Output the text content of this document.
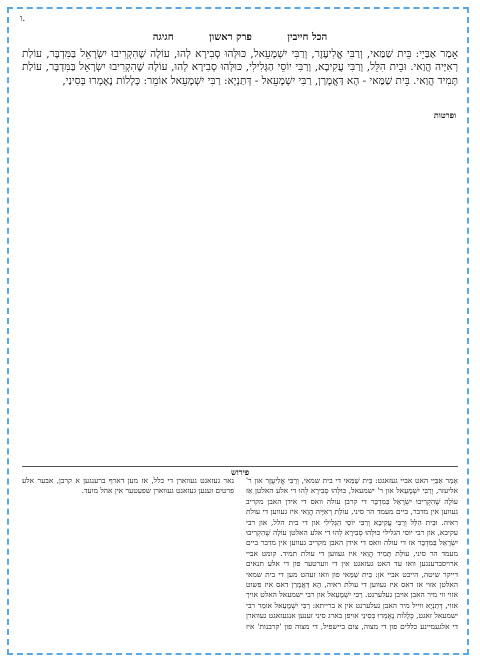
ו.
הכל חייבין פרק ראשון חגיגה

אָמַר אַבַּיֵי: בֵּית שַׁמַּאי, וְרַבִּי אֱלִיעֶזֶר, וְרַבִּי יִשְׁמָעֵאל, כּוּלְּהוּ סְבִירָא לְהוּ, עוֹלָה שֶׁהִקְרִיבוּ יִשְׂרָאֵל בַּמִּדְבָּר, עוֹלַת רְאִיָּיה הֲוַאי. וּבֵית הִלֵּל, וְרַבִּי עֲקִיבָא, וְרַבִּי יוֹסֵי הַגְּלִילִי, כּוּלְּהוּ סְבִירָא לְהוּ, עוֹלָה שֶׁהִקְרִיבוּ יִשְׂרָאֵל בַּמִּדְבָּר, עוֹלַת תָּמִיד הֲוַאי. בֵּית שַׁמַּאי - הָא דַּאֲמָרַן, רַבִּי יִשְׁמָעֵאל - דְּתַנְיָא: רַבִּי יִשְׁמָעֵאל אוֹמֵר: כְּלָלוֹת נֶאֶמְרוּ בְּסִינַי,

ופרטות
פירוש

אָמַר אַבַּיֵי האט אביי געזאגט: בֵּית שַׁמַּאי די בית שמאי, וְרַבִּי אֱלִיעֶזֶר און ר' אליעזר, וְרַבִּי יִשְׁמָעֵאל און ר' ישמעאל, כּוּלְּהוּ סְבִירָא לְהוּ די אלע האלטן אַז עוֹלָה שֶׁהִקְרִיבוּ יִשְׂרָאֵל בַּמִּדְבָּר די קרבן עולה וואס די אידן האבן מקריב געווען אין מדבר, ביים מעמד הר סיני, עוֹלַת רְאִיָּיה הֲוַאי איז געווען די עולת ראיה. וּבֵית הִלֵּל וְרַבִּי עֲקִיבָא וְרַבִּי יוֹסֵי הַגְּלִילִי און די בית הלל, און רבי עקיבא, און רבי יוסי הגלילי כּוּלְּהוּ סְבִירָא לְהוּ די אלע האלטן עוֹלָה שֶׁהִקְרִיבוּ יִשְׂרָאֵל בַּמִּדְבָּר אז די עולה וואס די אידן האבן מקריב געווען אין מדבר ביים מעמד הר סיני, עוֹלַת תָּמִיד הֲוַאי איז געווען די עולת תמיד. קומט אביי ארויסברענגען וואו עד האט געזאגט אין די ווערטער פון די אלע תנאים דייקר שיטה, הייבט אביי אן: בֵּית שַׁמַּאי פון וואו זעהט מען די בית שמאי האלטן אזוי אז דאס איז געווען די עולת ראיה, הָא דַּאֲמָרַן דאס איז פשוט אזוי ווי מיר האבן אויבן געלערנט. רַבִּי יִשְׁמָעֵאל און רבי ישמעאל האלט אויך אזוי, דְּתַנְיָא ווייל מיר האבן געלערנט אין א ברייתא: רַבִּי יִשְׁמָעֵאל אוֹמֵר רבי ישמעאל זאגט, כְּלָלוֹת נֶאֶמְרוּ בְּסִינַי אויפן בארג סיני זענען אנגעזאגט געווארן די אלגעמיינע כללים פון די מצוה, צום ביישפיל, די מצוה פון 'קרבנות' איז נאר געזאגט געווארן די כלל, אז מען דארף ברענגען א קרבן, אבער אלע פרטים זענען געזאגט געווארן שפעטער אין אהל מועד.
